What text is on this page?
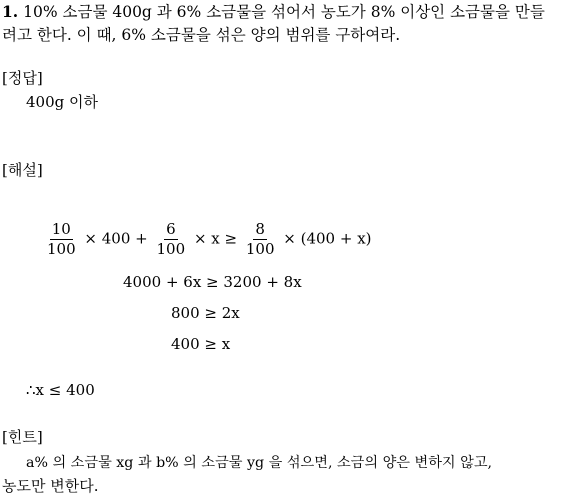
1. 10% 소금물 400g 과 6% 소금물을 섞어서 농도가 8% 이상인 소금물을 만들
려고 한다. 이 때, 6% 소금물을 섞은 양의 범위를 구하여라.
[정답]
400g 이하
[해설]
$\frac{10}{100} \times 400 + \frac{6}{100} \times x \ge \frac{8}{100} \times (400 + x)$
4000 + 6x ≥ 3200 + 8x
800 ≥ 2x
400 ≥ x
∴x ≤ 400
[힌트]
a% 의 소금물 xg 과 b% 의 소금물 yg 을 섞으면, 소금의 양은 변하지 않고,
농도만 변한다.
